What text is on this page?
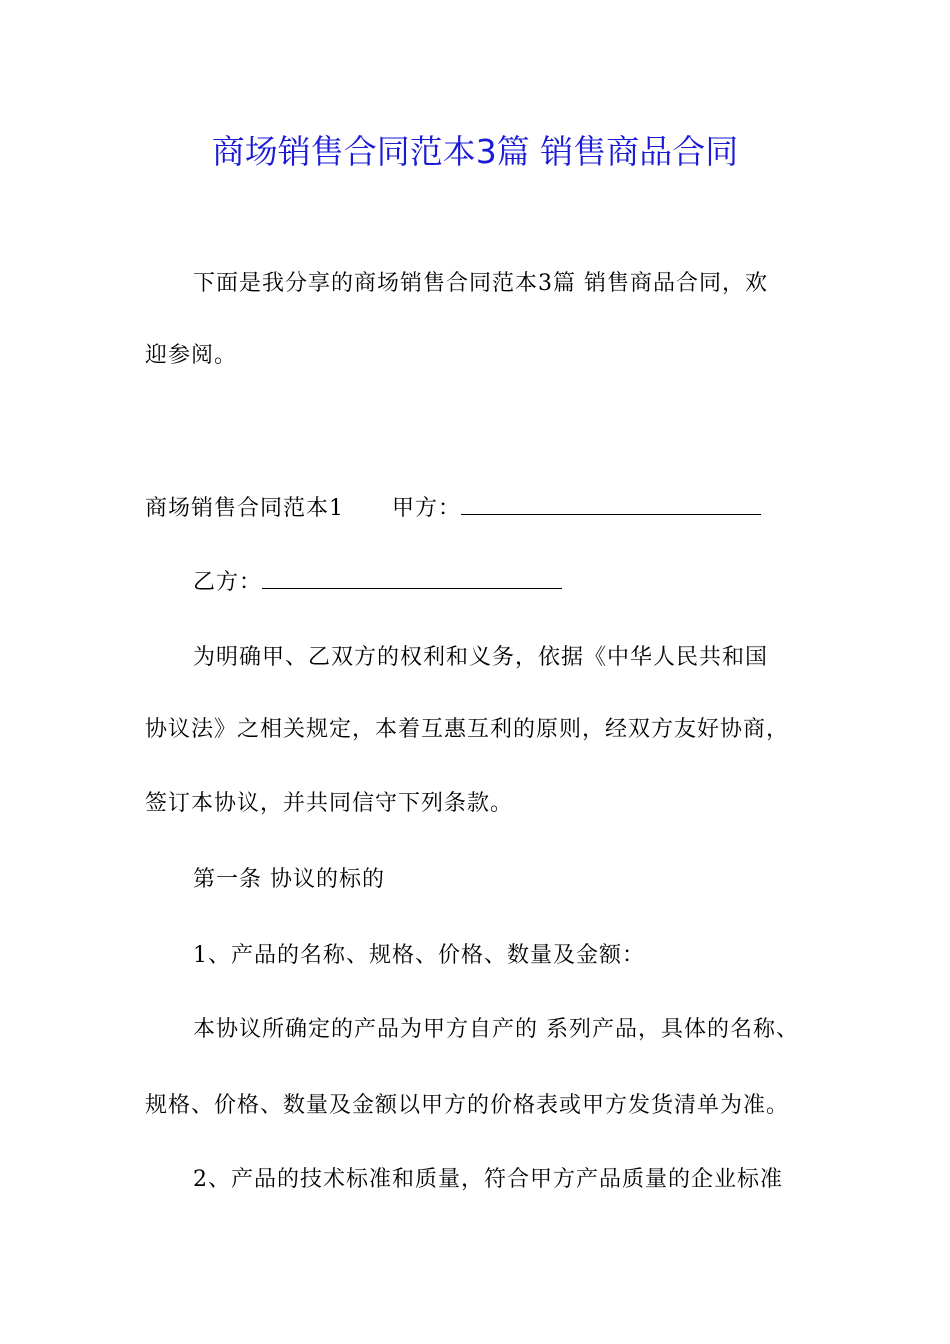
商场销售合同范本3篇 销售商品合同
下面是我分享的商场销售合同范本3篇 销售商品合同，欢
迎参阅。
商场销售合同范本1 甲方：
乙方：
为明确甲、乙双方的权利和义务，依据《中华人民共和国
协议法》之相关规定，本着互惠互利的原则，经双方友好协商，
签订本协议，并共同信守下列条款。
第一条 协议的标的
1、产品的名称、规格、价格、数量及金额：
本协议所确定的产品为甲方自产的 系列产品，具体的名称、
规格、价格、数量及金额以甲方的价格表或甲方发货清单为准。
2、产品的技术标准和质量，符合甲方产品质量的企业标准
